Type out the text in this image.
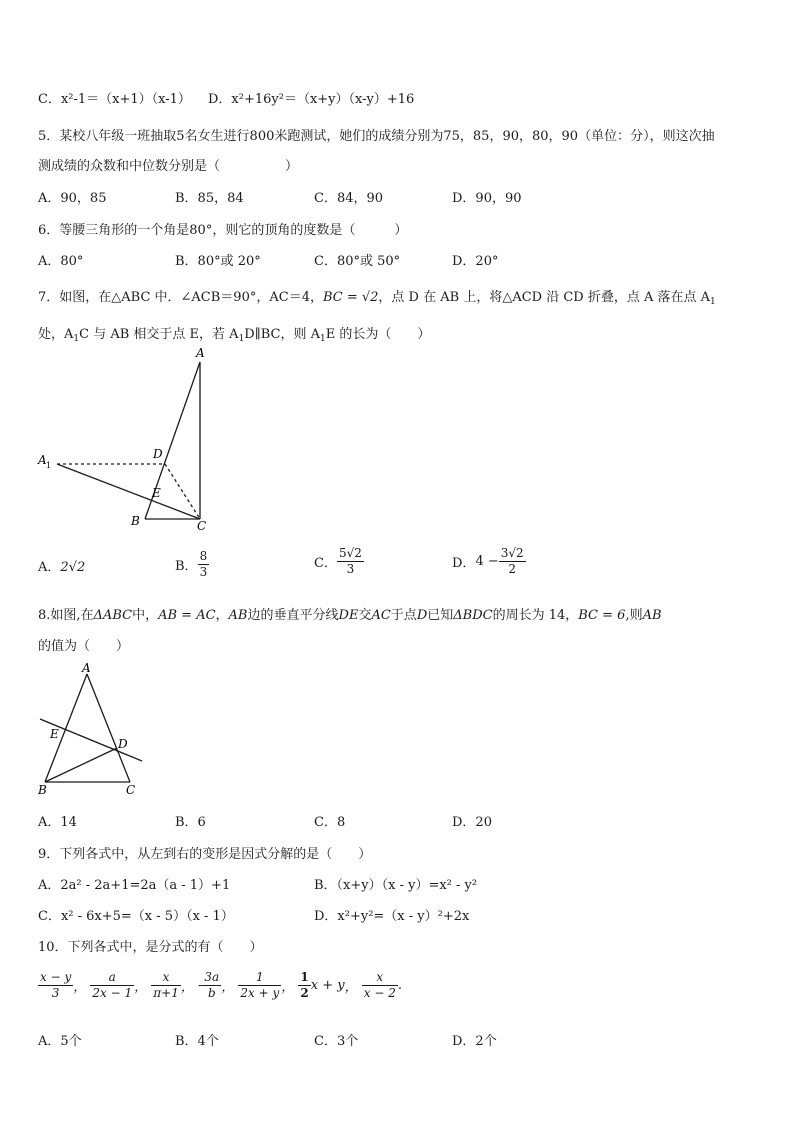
C．x²-1＝（x+1）（x-1） D．x²+16y²＝（x+y）（x-y）+16
5．某校八年级一班抽取5名女生进行800米跑测试，她们的成绩分别为75，85，90，80，90（单位：分），则这次抽
测成绩的众数和中位数分别是（　　　　　）
A．90，85	B．85，84	C．84，90	D．90，90
6．等腰三角形的一个角是80°，则它的顶角的度数是（　　　）
A．80°	B．80°或 20°	C．80°或 50°	D．20°
7．如图，在△ABC 中．∠ACB＝90°，AC＝4，BC = √2，点 D 在 AB 上，将△ACD 沿 CD 折叠，点 A 落在点 $A_1$
处，$A_1C$ 与 AB 相交于点 E，若 $A_1D\parallel BC$，则 $A_1E$ 的长为（　　）
A
D
A 1
E
B	C
A．2√2	B． $\frac{8}{3}$	C． $\frac{5√2}{3}$	D．$4 - \frac{3√2}{2}$
8.如图,在ΔABC中，AB = AC，AB边的垂直平分线DE交AC于点D已知ΔBDC的周长为 14，BC = 6,则AB
的值为（　　）
A
E
D
B	C
A．14	B．6	C．8	D．20
9．下列各式中，从左到右的变形是因式分解的是（　　）
A．2a² - 2a+1=2a（a - 1）+1	B．（x+y）（x - y）=x² - y²
C．x² - 6x+5=（x - 5）（x - 1）	D．x²+y²=（x - y）²+2x
10．下列各式中，是分式的有（　　）
$\frac{x - y}{3}$ ， $\frac{a}{2x - 1}$ ， $\frac{x}{\pi+1}$ ， - $\frac{3a}{b}$ ， $\frac{1}{2x + y}$ ， $\frac{1}{2}$ x + y， $\frac{x}{x - 2}$ .
A．5个	B．4个	C．3个	D．2个
